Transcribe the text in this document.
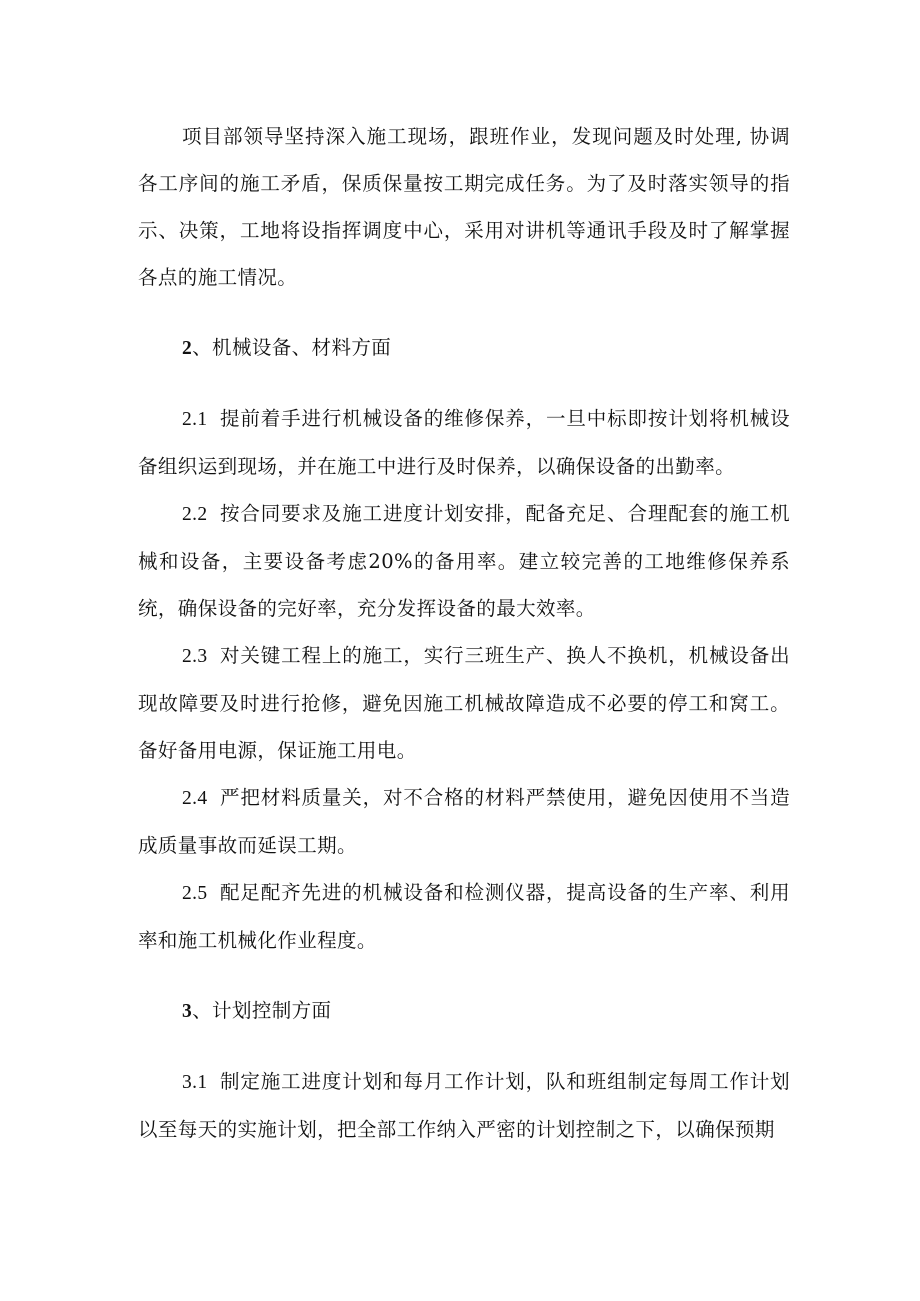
项目部领导坚持深入施工现场，跟班作业，发现问题及时处理, 协调各工序间的施工矛盾，保质保量按工期完成任务。为了及时落实领导的指示、决策，工地将设指挥调度中心，采用对讲机等通讯手段及时了解掌握各点的施工情况。

2、机械设备、材料方面

2.1 提前着手进行机械设备的维修保养，一旦中标即按计划将机械设备组织运到现场，并在施工中进行及时保养，以确保设备的出勤率。

2.2 按合同要求及施工进度计划安排，配备充足、合理配套的施工机械和设备，主要设备考虑20%的备用率。建立较完善的工地维修保养系统，确保设备的完好率，充分发挥设备的最大效率。

2.3 对关键工程上的施工，实行三班生产、换人不换机，机械设备出现故障要及时进行抢修，避免因施工机械故障造成不必要的停工和窝工。备好备用电源，保证施工用电。

2.4 严把材料质量关，对不合格的材料严禁使用，避免因使用不当造成质量事故而延误工期。

2.5 配足配齐先进的机械设备和检测仪器，提高设备的生产率、利用率和施工机械化作业程度。

3、计划控制方面

3.1 制定施工进度计划和每月工作计划，队和班组制定每周工作计划以至每天的实施计划，把全部工作纳入严密的计划控制之下，以确保预期
